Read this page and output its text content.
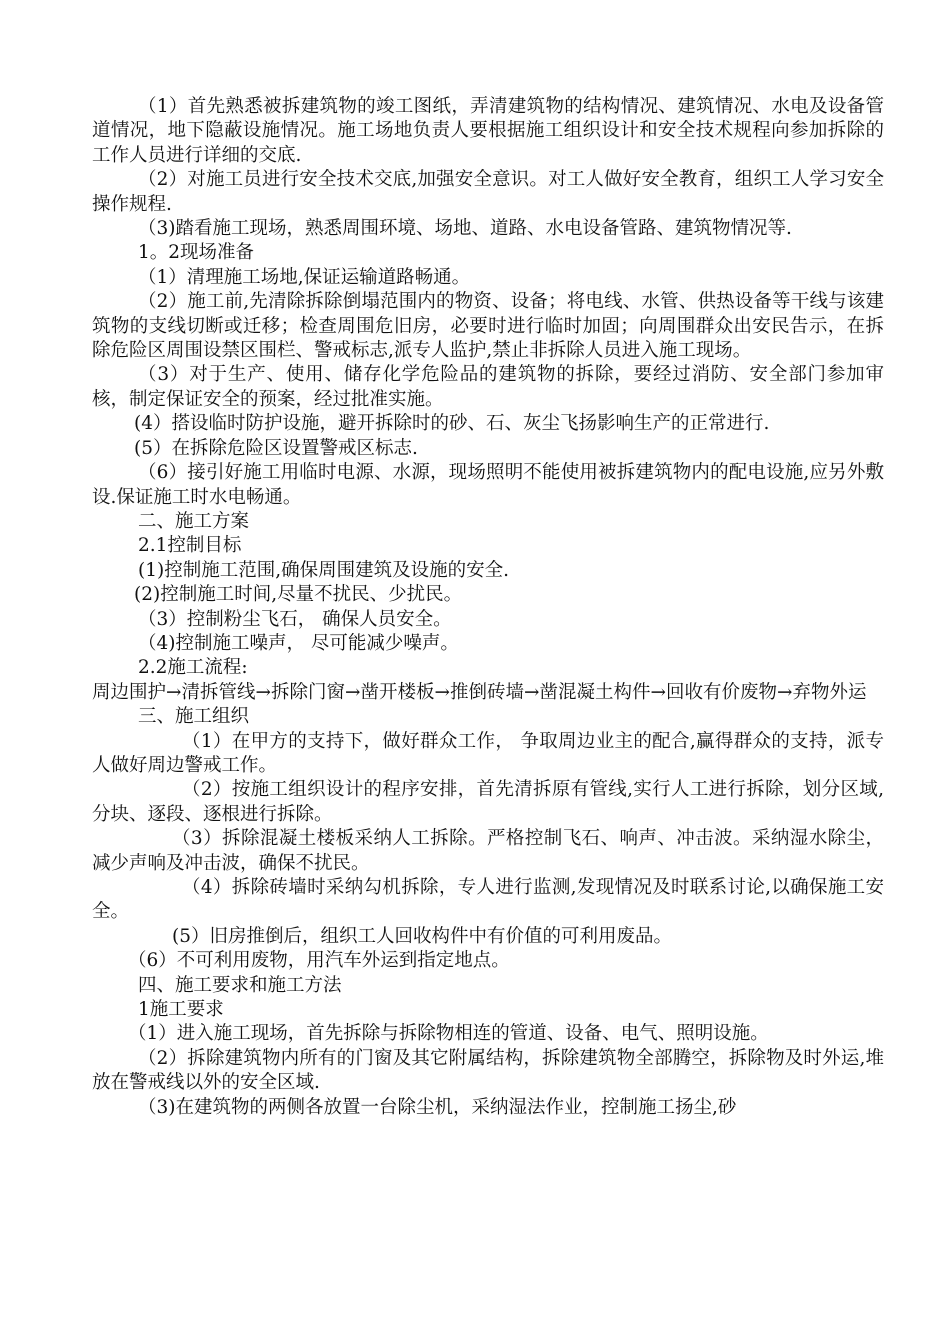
（1）首先熟悉被拆建筑物的竣工图纸，弄清建筑物的结构情况、建筑情况、水电及设备管道情况，地下隐蔽设施情况。施工场地负责人要根据施工组织设计和安全技术规程向参加拆除的工作人员进行详细的交底.

（2）对施工员进行安全技术交底,加强安全意识。对工人做好安全教育，组织工人学习安全操作规程.

（3)踏看施工现场，熟悉周围环境、场地、道路、水电设备管路、建筑物情况等.

1。2现场准备

（1）清理施工场地,保证运输道路畅通。

（2）施工前,先清除拆除倒塌范围内的物资、设备；将电线、水管、供热设备等干线与该建筑物的支线切断或迁移；检查周围危旧房，必要时进行临时加固；向周围群众出安民告示，在拆除危险区周围设禁区围栏、警戒标志,派专人监护,禁止非拆除人员进入施工现场。

（3）对于生产、使用、储存化学危险品的建筑物的拆除，要经过消防、安全部门参加审核，制定保证安全的预案，经过批准实施。

(4）搭设临时防护设施，避开拆除时的砂、石、灰尘飞扬影响生产的正常进行.

(5）在拆除危险区设置警戒区标志.

（6）接引好施工用临时电源、水源，现场照明不能使用被拆建筑物内的配电设施,应另外敷设.保证施工时水电畅通。

二、施工方案

2.1控制目标

(1)控制施工范围,确保周围建筑及设施的安全.

(2)控制施工时间,尽量不扰民、少扰民。

（3）控制粉尘飞石， 确保人员安全。

（4)控制施工噪声， 尽可能减少噪声。

2.2施工流程:

周边围护→清拆管线→拆除门窗→凿开楼板→推倒砖墙→凿混凝土构件→回收有价废物→弃物外运

三、施工组织

（1）在甲方的支持下，做好群众工作， 争取周边业主的配合,赢得群众的支持，派专人做好周边警戒工作。

（2）按施工组织设计的程序安排，首先清拆原有管线,实行人工进行拆除，划分区域,分块、逐段、逐根进行拆除。

（3）拆除混凝土楼板采纳人工拆除。严格控制飞石、响声、冲击波。采纳湿水除尘，减少声响及冲击波，确保不扰民。

（4）拆除砖墙时采纳勾机拆除，专人进行监测,发现情况及时联系讨论,以确保施工安全。

(5）旧房推倒后，组织工人回收构件中有价值的可利用废品。

（6）不可利用废物，用汽车外运到指定地点。

四、施工要求和施工方法

1施工要求

（1）进入施工现场，首先拆除与拆除物相连的管道、设备、电气、照明设施。

（2）拆除建筑物内所有的门窗及其它附属结构，拆除建筑物全部腾空，拆除物及时外运,堆放在警戒线以外的安全区域.

（3)在建筑物的两侧各放置一台除尘机，采纳湿法作业，控制施工扬尘,砂
